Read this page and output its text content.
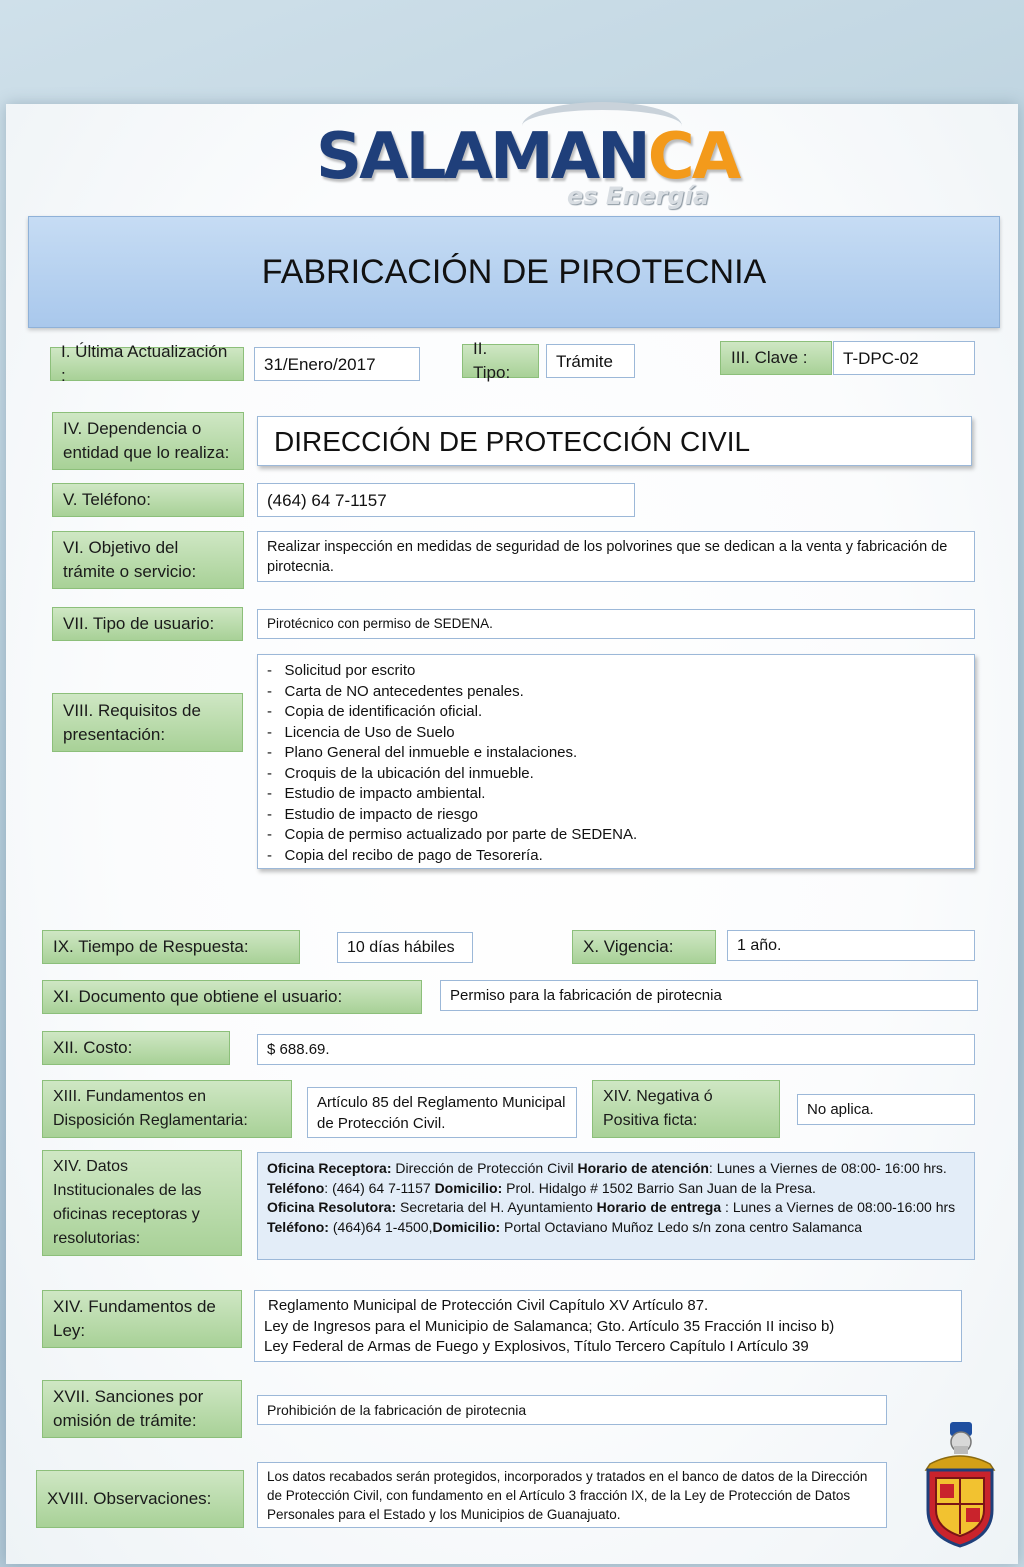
SALAMANCA
es Energía
FABRICACIÓN DE PIROTECNIA
I. Última Actualización :
31/Enero/2017
II. Tipo:
Trámite	III. Clave :	T-DPC-02
IV. Dependencia o entidad que lo realiza:	DIRECCIÓN DE PROTECCIÓN CIVIL
V. Teléfono:	(464) 64 7-1157
VI. Objetivo del trámite o servicio:
Realizar inspección en medidas de seguridad de los polvorines que se dedican a la venta y fabricación de pirotecnia.
VII. Tipo de usuario:	Pirotécnico con permiso de SEDENA.
VIII. Requisitos de presentación:
-   Solicitud por escrito
-   Carta de NO antecedentes penales.
-   Copia de identificación oficial.
-   Licencia de Uso de Suelo
-   Plano General del inmueble e instalaciones.
-   Croquis de la ubicación del inmueble.
-   Estudio de impacto ambiental.
-   Estudio de impacto de riesgo
-   Copia de permiso actualizado por parte de SEDENA.
-   Copia del recibo de pago de Tesorería.
IX. Tiempo de Respuesta:	10 días hábiles	X. Vigencia:	1 año.
XI. Documento que obtiene el usuario:	Permiso para la fabricación de pirotecnia
XII. Costo:	$ 688.69.
XIII. Fundamentos en Disposición Reglamentaria:
Artículo 85 del Reglamento Municipal de Protección Civil.
XIV. Negativa ó Positiva ficta:
No aplica.
XIV. Datos Institucionales de las oficinas receptoras y resolutorias:
Oficina Receptora: Dirección de Protección Civil Horario de atención: Lunes a Viernes de 08:00- 16:00 hrs. Teléfono: (464) 64 7-1157 Domicilio: Prol. Hidalgo # 1502 Barrio San Juan de la Presa.
Oficina Resolutora: Secretaria del H. Ayuntamiento Horario de entrega : Lunes a Viernes de 08:00-16:00 hrs Teléfono: (464)64 1-4500,Domicilio: Portal Octaviano Muñoz Ledo s/n zona centro Salamanca
XIV. Fundamentos de Ley:
Reglamento Municipal de Protección Civil Capítulo XV Artículo 87.
Ley de Ingresos para el Municipio de Salamanca; Gto. Artículo 35 Fracción II inciso b)
Ley Federal de Armas de Fuego y Explosivos, Título Tercero Capítulo I Artículo 39
XVII. Sanciones por omisión de trámite:
Prohibición de la fabricación de pirotecnia
XVIII. Observaciones:
Los datos recabados serán protegidos, incorporados y tratados en el banco de datos de la Dirección de Protección Civil, con fundamento en el Artículo 3 fracción IX, de la Ley de Protección de Datos Personales para el Estado y los Municipios de Guanajuato.
